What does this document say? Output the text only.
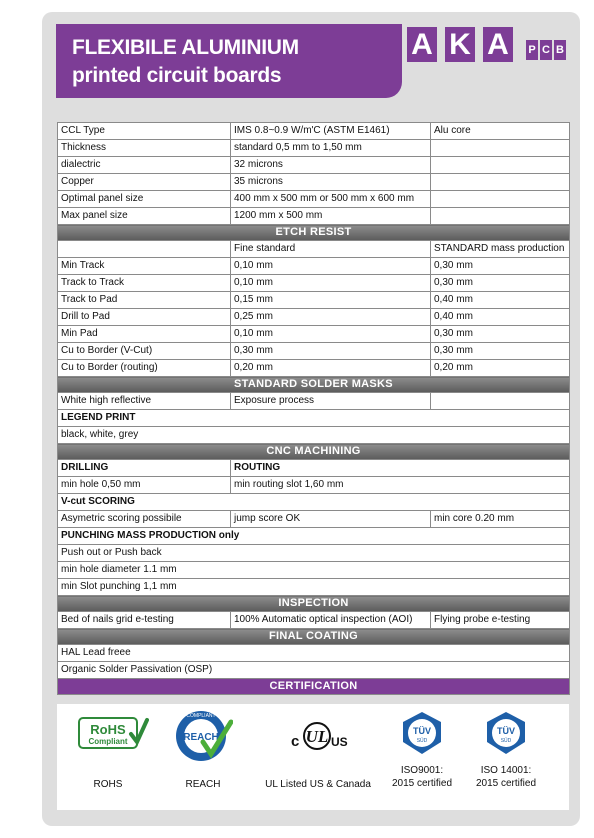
FLEXIBILE ALUMINIUM
printed circuit boards
A K A	P C B
CCL Type	IMS 0.8~0.9 W/m'C (ASTM E1461)	Alu core
Thickness	standard 0,5 mm to 1,50 mm	
dialectric	32 microns	
Copper	35 microns	
Optimal panel size	400 mm x 500 mm or 500 mm x 600 mm	
Max panel size	1200 mm x 500 mm	
ETCH RESIST		
	Fine standard	STANDARD mass production
Min Track	0,10 mm	0,30 mm
Track to Track	0,10 mm	0,30 mm
Track to Pad	0,15 mm	0,40 mm
Drill to Pad	0,25 mm	0,40 mm
Min Pad	0,10 mm	0,30 mm
Cu to Border (V-Cut)	0,30 mm	0,30 mm
Cu to Border (routing)	0,20 mm	0,20 mm
STANDARD SOLDER MASKS		
White high reflective	Exposure process	
LEGEND PRINT		
black, white, grey		
CNC MACHINING		
DRILLING	ROUTING	
min hole 0,50 mm	min routing slot 1,60 mm	
V-cut SCORING		
Asymetric scoring possibile	jump score OK	min core 0.20 mm
PUNCHING MASS PRODUCTION only		
Push out or Push back		
min hole diameter 1.1 mm		
min Slot punching 1,1 mm		
INSPECTION		
Bed of nails grid e-testing	100% Automatic optical inspection (AOI)	Flying probe e-testing
FINAL COATING		
HAL Lead freee		
Organic Solder Passivation (OSP)		
CERTIFICATION		
RoHS
Compliant
ROHS
REACH
COMPLIANT
REACH
c UL US
UL Listed US & Canada
TÜV
SÜD
ISO9001:
2015 certified
TÜV
SÜD
ISO 14001:
2015 certified
